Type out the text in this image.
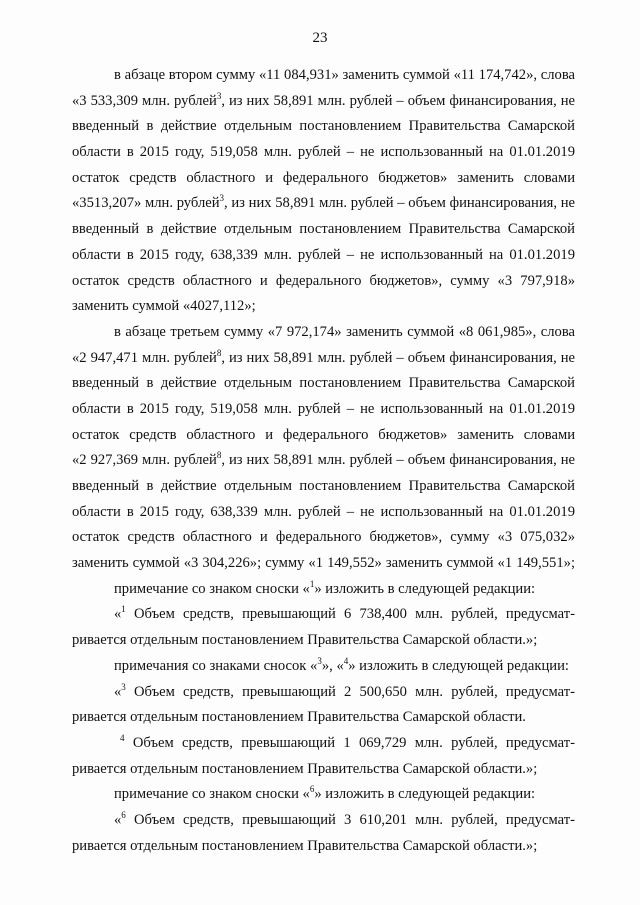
23
в абзаце втором сумму «11 084,931» заменить суммой «11 174,742», слова
«3 533,309 млн. рублей$^3$, из них 58,891 млн. рублей – объем финансирования, не
введенный в действие отдельным постановлением Правительства Самарской
области в 2015 году, 519,058 млн. рублей – не использованный на 01.01.2019
остаток средств областного и федерального бюджетов» заменить словами
«3513,207» млн. рублей$^3$, из них 58,891 млн. рублей – объем финансирования, не
введенный в действие отдельным постановлением Правительства Самарской
области в 2015 году, 638,339 млн. рублей – не использованный на 01.01.2019
остаток средств областного и федерального бюджетов», сумму «3 797,918»
заменить суммой «4027,112»;
в абзаце третьем сумму «7 972,174» заменить суммой «8 061,985», слова
«2 947,471 млн. рублей$^8$, из них 58,891 млн. рублей – объем финансирования, не
введенный в действие отдельным постановлением Правительства Самарской
области в 2015 году, 519,058 млн. рублей – не использованный на 01.01.2019
остаток средств областного и федерального бюджетов» заменить словами
«2 927,369 млн. рублей$^8$, из них 58,891 млн. рублей – объем финансирования, не
введенный в действие отдельным постановлением Правительства Самарской
области в 2015 году, 638,339 млн. рублей – не использованный на 01.01.2019
остаток средств областного и федерального бюджетов», сумму «3 075,032»
заменить суммой «3 304,226»; сумму «1 149,552» заменить суммой «1 149,551»;
примечание со знаком сноски «$^1$» изложить в следующей редакции:
«$^1$ Объем средств, превышающий 6 738,400 млн. рублей, предусмат-
ривается отдельным постановлением Правительства Самарской области.»;
примечания со знаками сносок «$^3$», «$^4$» изложить в следующей редакции:
«$^3$ Объем средств, превышающий 2 500,650 млн. рублей, предусмат-
ривается отдельным постановлением Правительства Самарской области.
$^4$ Объем средств, превышающий 1 069,729 млн. рублей, предусмат-
ривается отдельным постановлением Правительства Самарской области.»;
примечание со знаком сноски «$^6$» изложить в следующей редакции:
«$^6$ Объем средств, превышающий 3 610,201 млн. рублей, предусмат-
ривается отдельным постановлением Правительства Самарской области.»;
